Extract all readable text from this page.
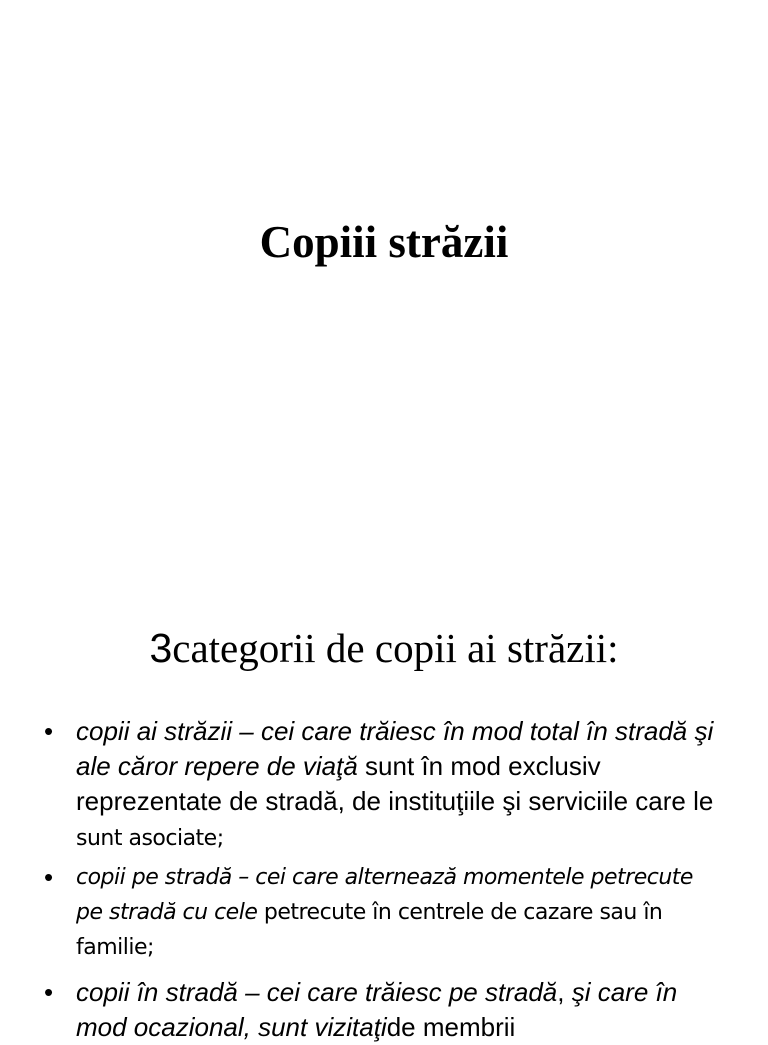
Copiii străzii
3categorii de copii ai străzii:
• copii ai străzii – cei care trăiesc în mod total în stradă şi ale căror repere de viaţă sunt în mod exclusiv reprezentate de stradă, de instituţiile şi serviciile care le sunt asociate;
• copii pe stradă – cei care alternează momentele petrecute pe stradă cu cele petrecute în centrele de cazare sau în familie;
• copii în stradă – cei care trăiesc pe stradă, şi care în mod ocazional, sunt vizitaţide membrii
